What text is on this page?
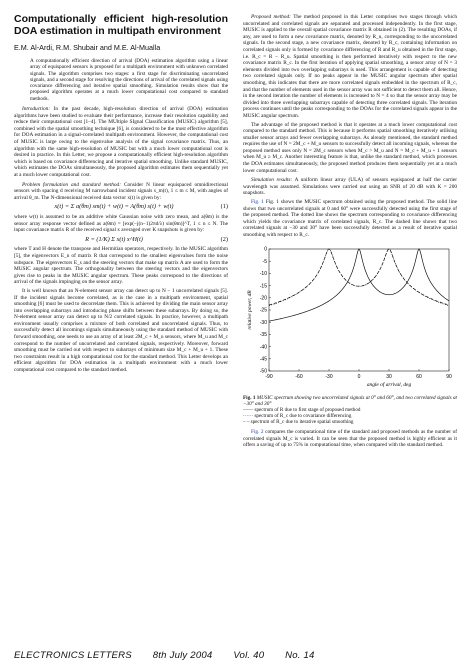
Computationally efficient high-resolution DOA estimation in multipath environment
E.M. Al-Ardi, R.M. Shubair and M.E. Al-Mualla
A computationally efficient direction of arrival (DOA) estimation algorithm using a linear array of equispaced sensors is proposed for a multipath environment with unknown correlated signals. The algorithm comprises two stages: a first stage for discriminating uncorrelated signals, and a second stage for resolving the directions of arrival of the correlated signals using covariance differencing and iterative spatial smoothing. Simulation results show that the proposed algorithm operates at a much lower computational cost compared to standard methods.

Introduction: In the past decade, high-resolution direction of arrival (DOA) estimation algorithms have been studied to evaluate their performance, increase their resolution capability and reduce their computational cost [1–4]. The MUltiple SIgnal Classification (MUSIC) algorithm [5], combined with the spatial smoothing technique [6], is considered to be the most effective algorithm for DOA estimation in a signal-correlated multipath environment. However, the computational cost of MUSIC is large owing to the eigenvalue analysis of the signal covariance matrix. Thus, an algorithm with the same high-resolution of MUSIC but with a much lower computational cost is desired in practice. In this Letter, we propose a computationally efficient high-resolution algorithm which is based on covariance differencing and iterative spatial smoothing. Unlike standard MUSIC, which estimates the DOAs simultaneously, the proposed algorithm estimates them sequentially yet at a much lower computational cost.

Problem formulation and standard method: Consider N linear equispaced omnidirectional sensors with spacing d receiving M narrowband incident signals s_m(t), 1 ≤ m ≤ M, with angles of arrival θ_m. The N-dimensional received data vector x(t) is given by:

x(t) = Σ a(θm) sm(t) + w(t) = A(θm) s(t) + w(t)	(1)

where w(t) is assumed to be an additive white Gaussian noise with zero mean, and a(θm) is the sensor array response vector defined as a(θm) = [exp(−j(n−1)2πd/λ) sin(θm)]^T, 1 ≤ n ≤ N. The input covariance matrix R of the received signal x averaged over K snapshots is given by:

R = (1/K) Σ x(t) x^H(t)	(2)

where T and H denote the transpose and Hermitian operators, respectively. In the MUSIC algorithm [5], the eigenvectors E_n of matrix R that correspond to the smallest eigenvalues form the noise subspace. The eigenvectors E_s and the steering vectors that make up matrix A are used to form the MUSIC angular spectrum. The orthogonality between the steering vectors and the eigenvectors gives rise to peaks in the MUSIC angular spectrum. These peaks correspond to the directions of arrival of the signals impinging on the sensor array.

It is well known that an N-element sensor array can detect up to N − 1 uncorrelated signals [5]. If the incident signals become correlated, as is the case in a multipath environment, spatial smoothing [6] must be used to decorrelate them. This is achieved by dividing the main sensor array into overlapping subarrays and introducing phase shifts between these subarrays. By doing so, the N-element sensor array can detect up to N/2 correlated signals. In practice, however, a multipath environment usually comprises a mixture of both correlated and uncorrelated signals. Thus, to successfully detect all incomings signals simultaneously using the standard method of MUSIC with forward smoothing, one needs to use an array of at least 2M_c + M_u sensors, where M_u and M_c correspond to the number of uncorrelated and correlated signals, respectively. Moreover, forward smoothing must be carried out with respect to subarrays of minimum size M_c + M_u + 1. These two constraints result in a high computational cost for the standard method. This Letter develops an efficient algorithm for DOA estimation in a multipath environment with a much lower computational cost compared to the standard method.

Proposed method: The method proposed in this Letter comprises two stages through which uncorrelated and correlated signals are separated and processed independently. In the first stage, MUSIC is applied to the overall spatial covariance matrix R obtained in (2). The resulting DOAs, if any, are used to form a new covariance matrix, denoted by R_u, corresponding to the uncorrelated signals. In the second stage, a new covariance matrix, denoted by R_c, containing information on correlated signals only is formed by covariance differencing of R and R_u obtained in the first stage, i.e. R_c = R − R_u. Spatial smoothing is then performed iteratively with respect to the new covariance matrix R_c. In the first iteration of applying spatial smoothing, a sensor array of N = 3 elements divided into two overlapping subarrays is used. This arrangement is capable of detecting two correlated signals only. If no peaks appear in the MUSIC angular spectrum after spatial smoothing, this indicates that there are more correlated signals embedded in the spectrum of R_c, and that the number of elements used in the sensor array was not sufficient to detect them all. Hence, in the second iteration the number of elements is increased to N = 4 so that the sensor array may be divided into three overlapping subarrays capable of detecting three correlated signals. The iteration process continues until the peaks corresponding to the DOAs for the correlated signals appear in the MUSIC angular spectrum.

The advantage of the proposed method is that it operates at a much lower computational cost compared to the standard method. This is because it performs spatial smoothing iteratively utilising smaller sensor arrays and fewer overlapping subarrays. As already mentioned, the standard method requires the use of N = 2M_c + M_u sensors to successfully detect all incoming signals, whereas the proposed method uses only N = 2M_c sensors when M_c > M_u and N = M_c + M_u + 1 sensors when M_u ≥ M_c. Another interesting feature is that, unlike the standard method, which processes the DOA estimates simultaneously, the proposed method produces them sequentially yet at a much lower computational cost.

Simulation results: A uniform linear array (ULA) of sensors equispaced at half the carrier wavelength was assumed. Simulations were carried out using an SNR of 20 dB with K = 200 snapshots.

Fig. 1 Fig. 1 shows the MUSIC spectrum obtained using the proposed method. The solid line shows that two uncorrelated signals at 0 and 60° were successfully detected using the first stage of the proposed method. The dotted line shows the spectrum corresponding to covariance differencing which yields the covariance matrix of correlated signals, R_c. The dashed line shows that two correlated signals at −30 and 30° have been successfully detected as a result of iterative spatial smoothing with respect to R_c.

-90	-60	-30	0	30	60	90
0
-5
-10
-15
-20
-25
-30
-35
-40
-45
-50
angle of arrival, deg
relative power, dB
Fig. 1 MUSIC spectrum showing two uncorrelated signals at 0° and 60°, and two correlated signals at −30° and 30°
—— spectrum of R due to first stage of proposed method
······ spectrum of R_c due to covariance differencing
– – spectrum of R_c due to iterative spatial smoothing

Fig. 2 compares the computational time of the standard and proposed methods as the number of correlated signals M_c is varied. It can be seen that the proposed method is highly efficient as it offers a saving of up to 75% in computational time, when compared with the standard method.

ELECTRONICS LETTERS 8th July 2004 Vol. 40 No. 14
